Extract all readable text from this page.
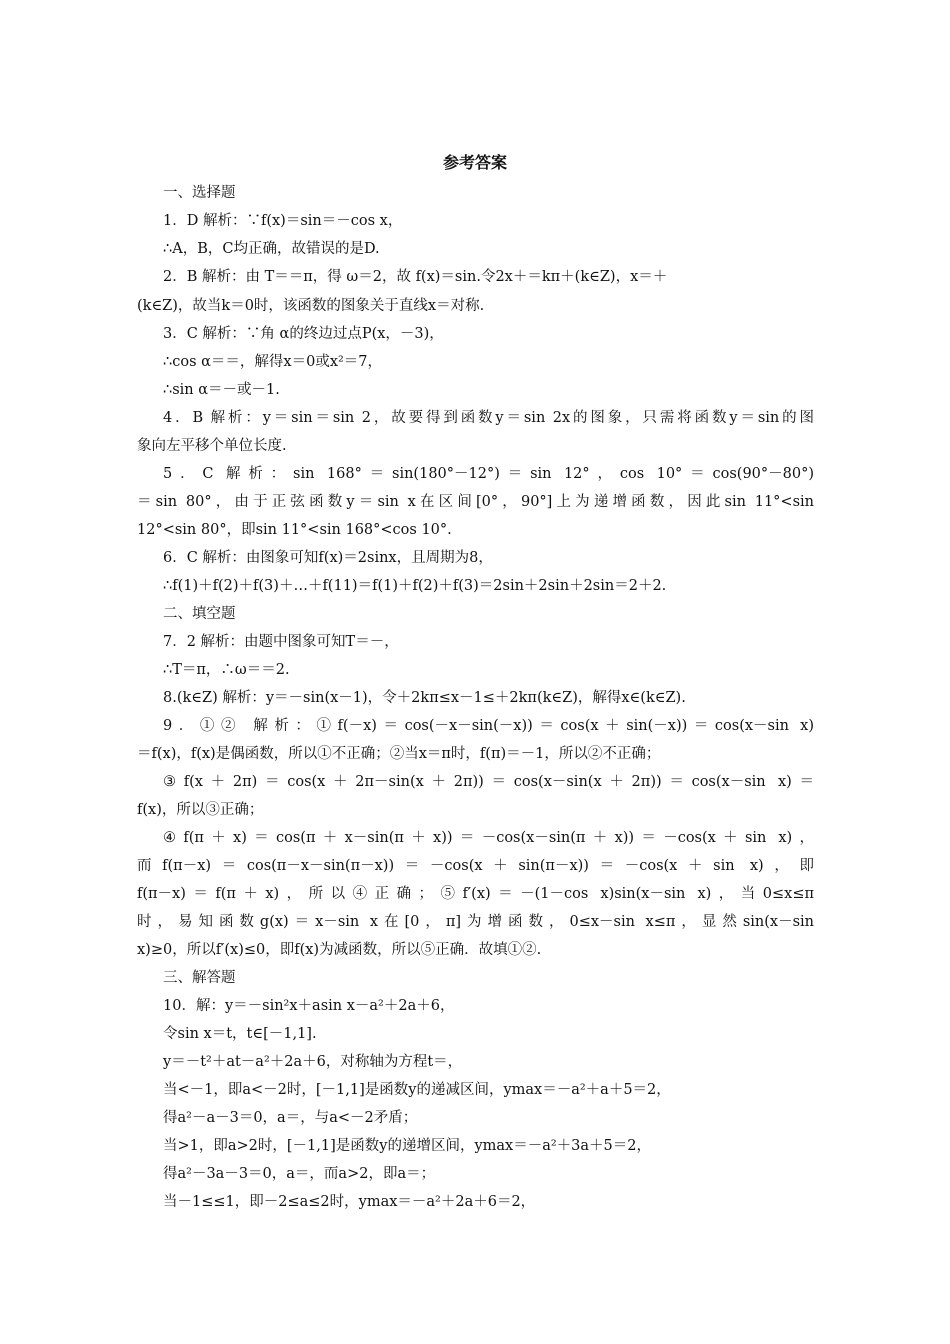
参考答案
一、选择题
1．D 解析：∵f(x)＝sin＝－cos x，
∴A，B，C均正确，故错误的是D.
2．B 解析：由 T＝＝π，得 ω＝2，故 f(x)＝sin.令2x＋＝kπ＋(k∈Z)，x＝＋
(k∈Z)，故当k＝0时，该函数的图象关于直线x＝对称.
3．C 解析：∵角 α的终边过点P(x，－3)，
∴cos α＝＝，解得x＝0或x²＝7，
∴sin α＝－或－1.
4．B 解析：y＝sin＝sin 2，故要得到函数y＝sin 2x的图象，只需将函数y＝sin的图
象向左平移个单位长度.
5．C 解析：sin 168°＝sin(180°－12°)＝sin 12°，cos 10°＝cos(90°－80°)
＝sin 80°，由于正弦函数y＝sin x在区间[0°，90°]上为递增函数，因此sin 11°<sin
12°<sin 80°，即sin 11°<sin 168°<cos 10°.
6．C 解析：由图象可知f(x)＝2sinx，且周期为8，
∴f(1)＋f(2)＋f(3)＋…＋f(11)＝f(1)＋f(2)＋f(3)＝2sin＋2sin＋2sin＝2＋2.
二、填空题
7．2 解析：由题中图象可知T＝－，
∴T＝π，∴ω＝＝2.
8.(k∈Z) 解析：y＝－sin(x－1)，令＋2kπ≤x－1≤＋2kπ(k∈Z)，解得x∈(k∈Z).
9．①② 解析：①f(－x)＝cos(－x－sin(－x))＝cos(x＋sin(－x))＝cos(x－sin x)
＝f(x)，f(x)是偶函数，所以①不正确；②当x＝π时，f(π)＝－1，所以②不正确；
③f(x＋2π)＝cos(x＋2π－sin(x＋2π))＝cos(x－sin(x＋2π))＝cos(x－sin x)＝
f(x)，所以③正确；
④f(π＋x)＝cos(π＋x－sin(π＋x))＝－cos(x－sin(π＋x))＝－cos(x＋sin x)，
而f(π－x)＝cos(π－x－sin(π－x))＝－cos(x＋sin(π－x))＝－cos(x＋sin x)，即
f(π－x)＝f(π＋x)，所以④正确；⑤f′(x)＝－(1－cos x)sin(x－sin x)，当0≤x≤π
时，易知函数g(x)＝x－sin x在[0，π]为增函数，0≤x－sin x≤π，显然sin(x－sin
x)≥0，所以f′(x)≤0，即f(x)为减函数，所以⑤正确．故填①②.
三、解答题
10．解：y＝－sin²x＋asin x－a²＋2a＋6，
令sin x＝t，t∈[－1,1].
y＝－t²＋at－a²＋2a＋6，对称轴为方程t＝，
当<－1，即a<－2时，[－1,1]是函数y的递减区间，ymax＝－a²＋a＋5＝2，
得a²－a－3＝0，a＝，与a<－2矛盾；
当>1，即a>2时，[－1,1]是函数y的递增区间，ymax＝－a²＋3a＋5＝2，
得a²－3a－3＝0，a＝，而a>2，即a＝；
当－1≤≤1，即－2≤a≤2时，ymax＝－a²＋2a＋6＝2，
